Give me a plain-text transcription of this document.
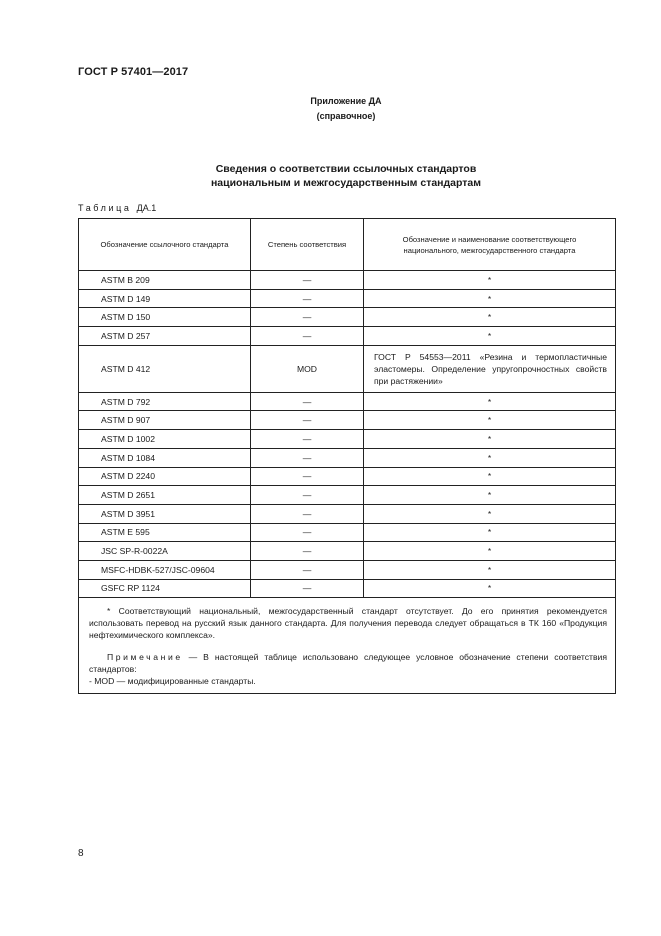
ГОСТ Р 57401—2017
Приложение ДА
(справочное)
Сведения о соответствии ссылочных стандартов
национальным и межгосударственным стандартам
Таблица ДА.1
Обозначение ссылочного стандарта	Степень соответствия	Обозначение и наименование соответствующего национального, межгосударственного стандарта
ASTM B 209	—	*
ASTM D 149	—	*
ASTM D 150	—	*
ASTM D 257	—	*
ASTM D 412	MOD	ГОСТ Р 54553—2011 «Резина и термопластичные эластомеры. Определение упругопрочностных свойств при растяжении»
ASTM D 792	—	*
ASTM D 907	—	*
ASTM D 1002	—	*
ASTM D 1084	—	*
ASTM D 2240	—	*
ASTM D 2651	—	*
ASTM D 3951	—	*
ASTM E 595	—	*
JSC SP-R-0022A	—	*
MSFC-HDBK-527/JSC-09604	—	*
GSFC RP 1124	—	*

* Соответствующий национальный, межгосударственный стандарт отсутствует. До его принятия рекомендуется использовать перевод на русский язык данного стандарта. Для получения перевода следует обращаться в ТК 160 «Продукция нефтехимического комплекса».

Примечание — В настоящей таблице использовано следующее условное обозначение степени соответствия стандартов:

- MOD — модифицированные стандарты.		

8
